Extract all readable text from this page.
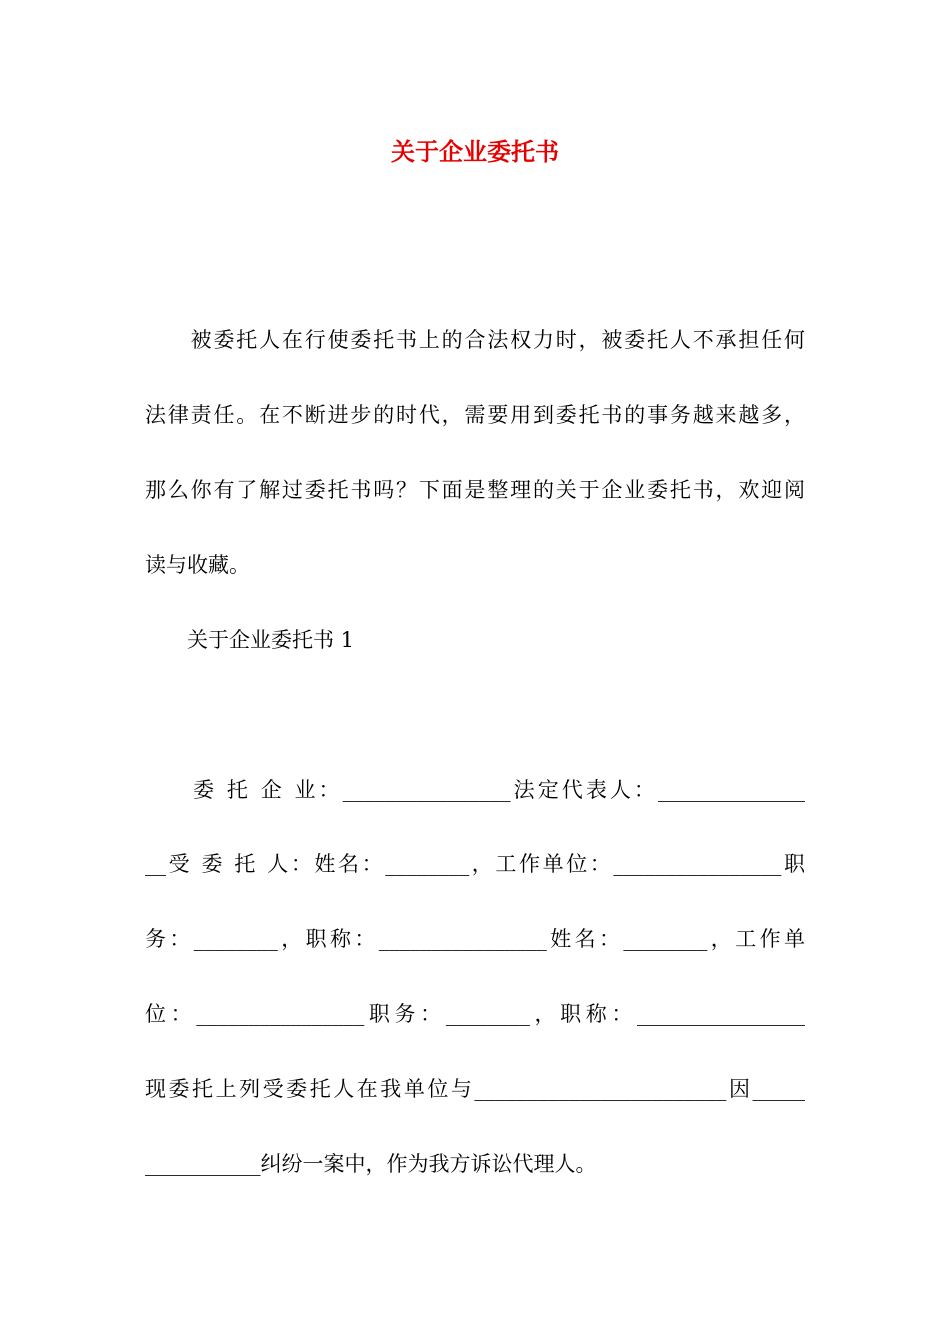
关于企业委托书

　　被委托人在行使委托书上的合法权力时，被委托人不承担任何

法律责任。在不断进步的时代，需要用到委托书的事务越来越多，

那么你有了解过委托书吗？下面是整理的关于企业委托书，欢迎阅

读与收藏。

　　关于企业委托书 1

　　委 托 企 业：________________法定代表人：______________

__受 委 托 人：姓名：________，工作单位：________________职

务：________，职称：________________姓名：________，工作单

位：________________职务：________，职称：________________

现委托上列受委托人在我单位与________________________因_____

___________纠纷一案中，作为我方诉讼代理人。
